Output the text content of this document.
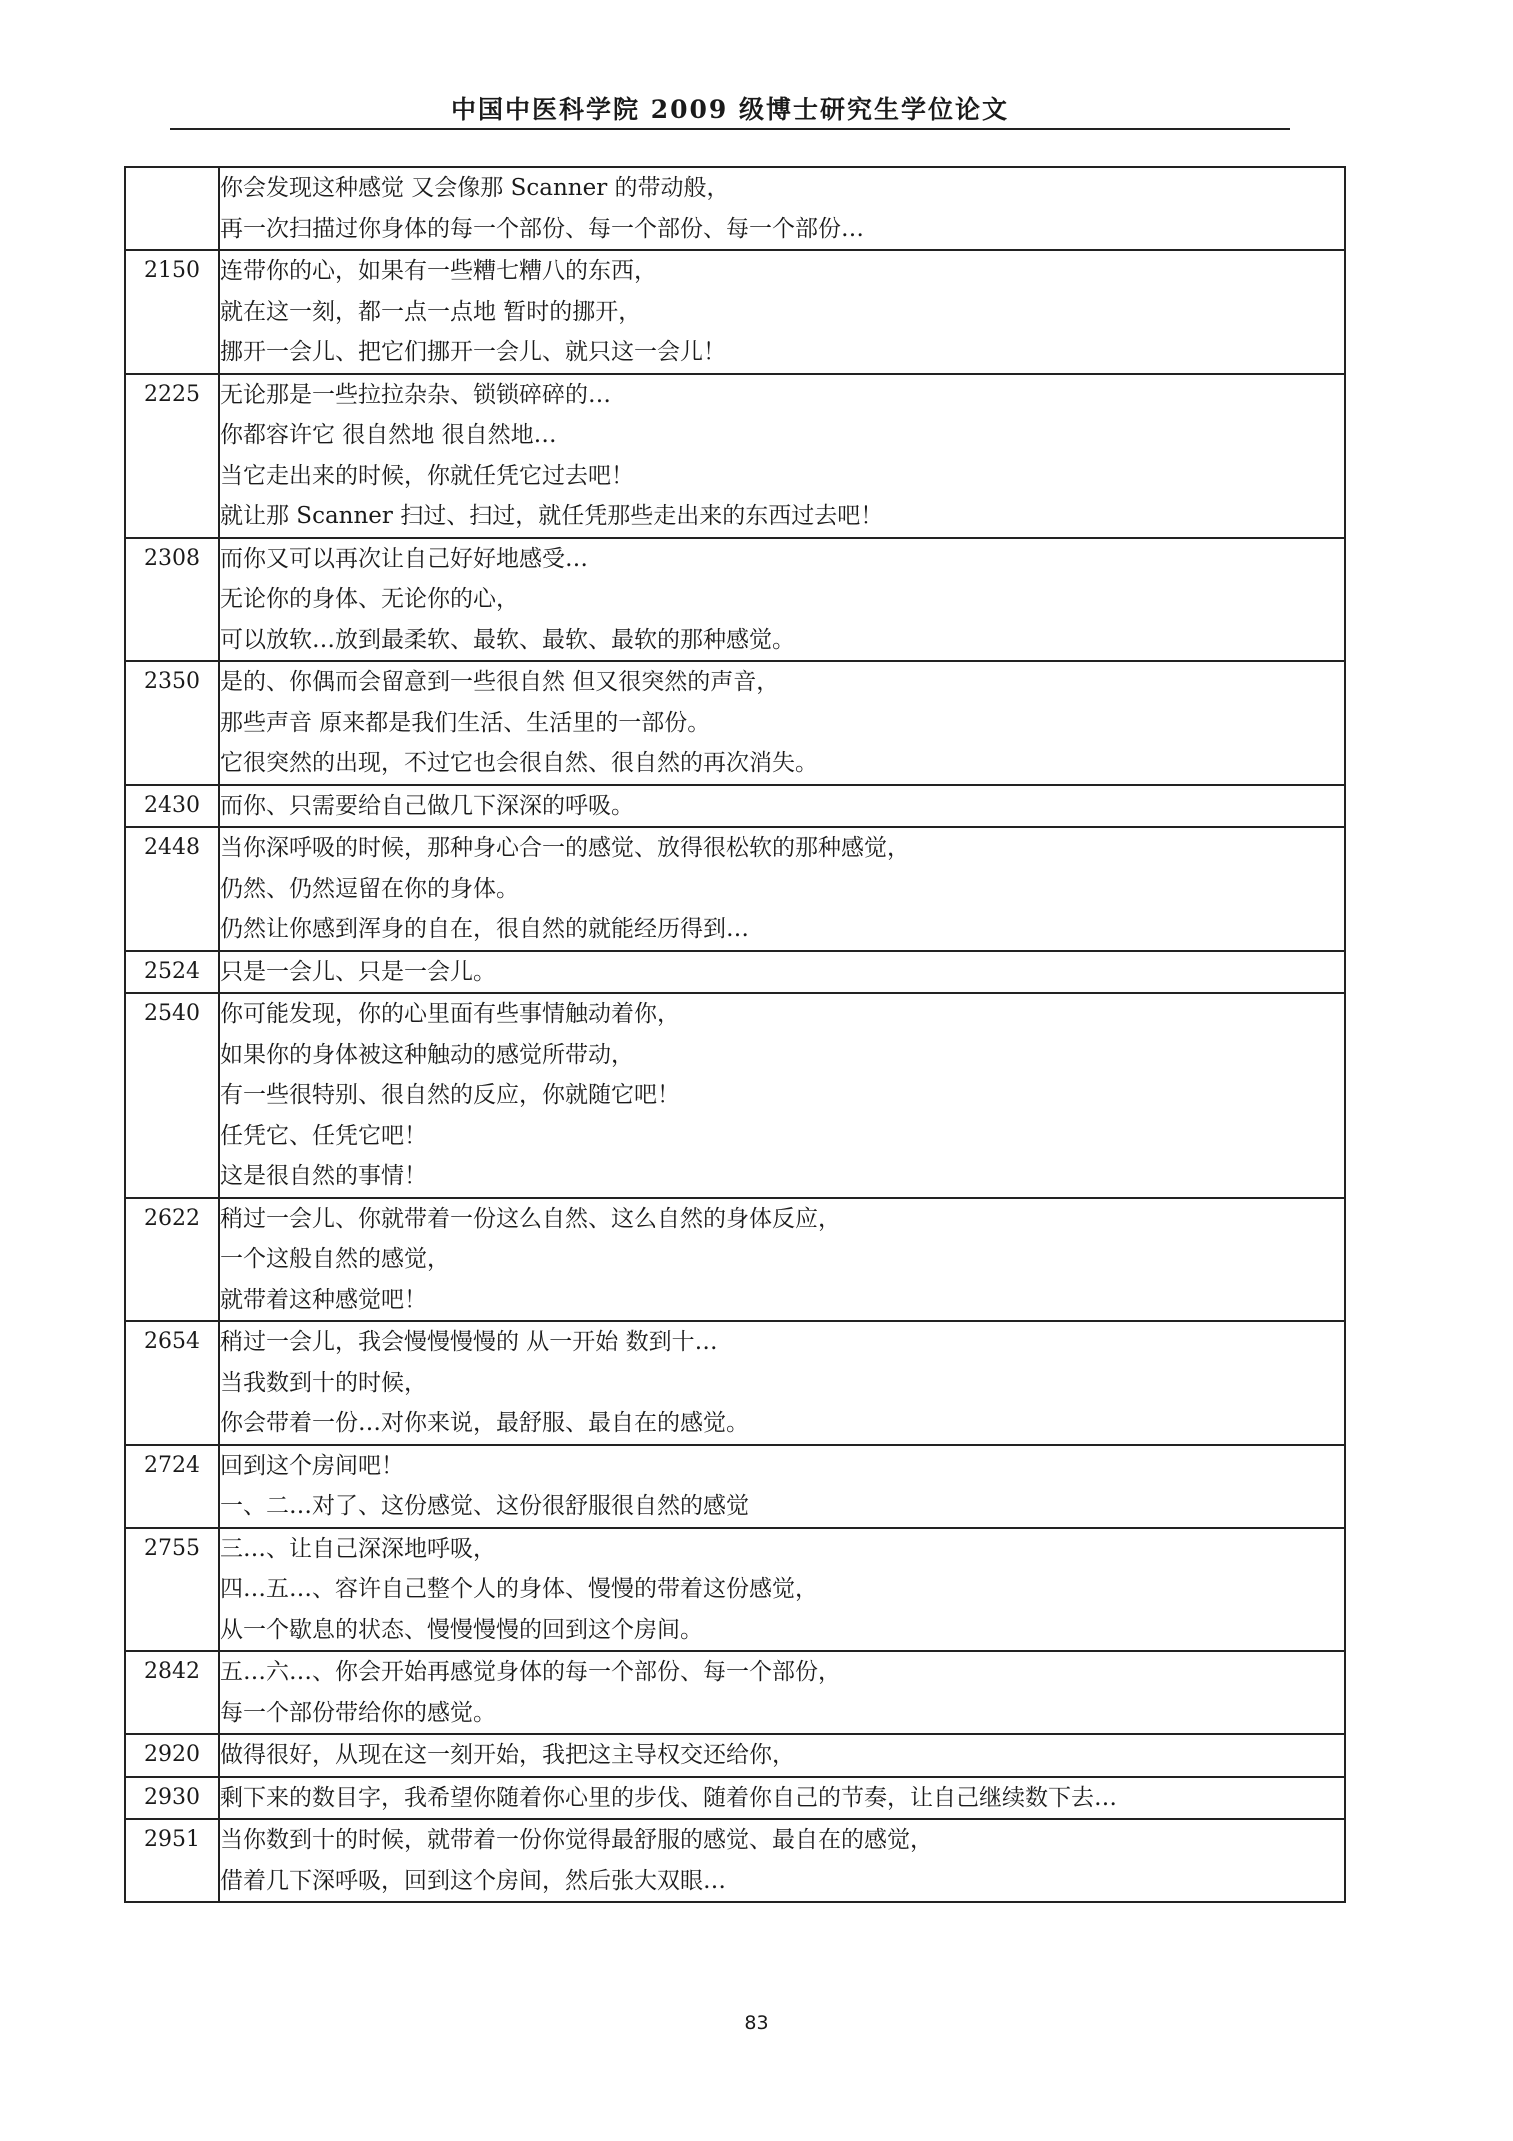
中国中医科学院 2009 级博士研究生学位论文

	你会发现这种感觉 又会像那 Scanner 的带动般，
再一次扫描过你身体的每一个部份、每一个部份、每一个部份…

2150	连带你的心，如果有一些糟七糟八的东西，
就在这一刻，都一点一点地 暂时的挪开，
挪开一会儿、把它们挪开一会儿、就只这一会儿！

2225	无论那是一些拉拉杂杂、锁锁碎碎的…
你都容许它 很自然地 很自然地…
当它走出来的时候，你就任凭它过去吧！
就让那 Scanner 扫过、扫过，就任凭那些走出来的东西过去吧！

2308	而你又可以再次让自己好好地感受…
无论你的身体、无论你的心，
可以放软…放到最柔软、最软、最软、最软的那种感觉。

2350	是的、你偶而会留意到一些很自然 但又很突然的声音，
那些声音 原来都是我们生活、生活里的一部份。
它很突然的出现，不过它也会很自然、很自然的再次消失。

2430	而你、只需要给自己做几下深深的呼吸。

2448	当你深呼吸的时候，那种身心合一的感觉、放得很松软的那种感觉，
仍然、仍然逗留在你的身体。
仍然让你感到浑身的自在，很自然的就能经历得到…

2524	只是一会儿、只是一会儿。

2540	你可能发现，你的心里面有些事情触动着你，
如果你的身体被这种触动的感觉所带动，
有一些很特别、很自然的反应，你就随它吧！
任凭它、任凭它吧！
这是很自然的事情！

2622	稍过一会儿、你就带着一份这么自然、这么自然的身体反应，
一个这般自然的感觉，
就带着这种感觉吧！

2654	稍过一会儿，我会慢慢慢慢的 从一开始 数到十…
当我数到十的时候，
你会带着一份…对你来说，最舒服、最自在的感觉。

2724	回到这个房间吧！
一、二…对了、这份感觉、这份很舒服很自然的感觉

2755	三…、让自己深深地呼吸，
四…五…、容许自己整个人的身体、慢慢的带着这份感觉，
从一个歇息的状态、慢慢慢慢的回到这个房间。

2842	五…六…、你会开始再感觉身体的每一个部份、每一个部份，
每一个部份带给你的感觉。

2920	做得很好，从现在这一刻开始，我把这主导权交还给你，

2930	剩下来的数目字，我希望你随着你心里的步伐、随着你自己的节奏，让自己继续数下去…

2951	当你数到十的时候，就带着一份你觉得最舒服的感觉、最自在的感觉，
借着几下深呼吸，回到这个房间，然后张大双眼…
83
